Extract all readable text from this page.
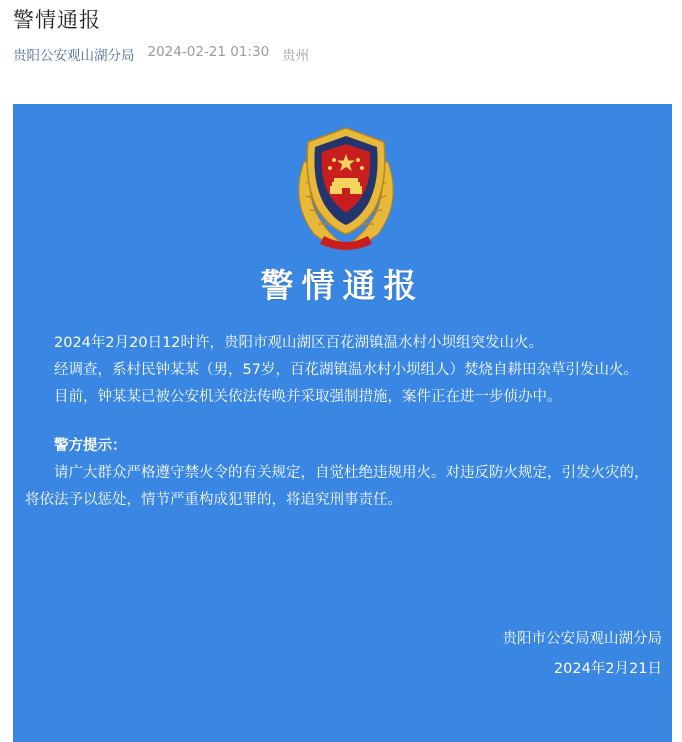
警情通报
贵阳公安观山湖分局 2024-02-21 01:30 贵州
警情通报

2024年2月20日12时许，贵阳市观山湖区百花湖镇温水村小坝组突发山火。

经调查，系村民钟某某（男，57岁，百花湖镇温水村小坝组人）焚烧自耕田杂草引发山火。

目前，钟某某已被公安机关依法传唤并采取强制措施，案件正在进一步侦办中。

警方提示：

请广大群众严格遵守禁火令的有关规定，自觉杜绝违规用火。对违反防火规定，引发火灾的，将依法予以惩处，情节严重构成犯罪的，将追究刑事责任。

贵阳市公安局观山湖分局
2024年2月21日
